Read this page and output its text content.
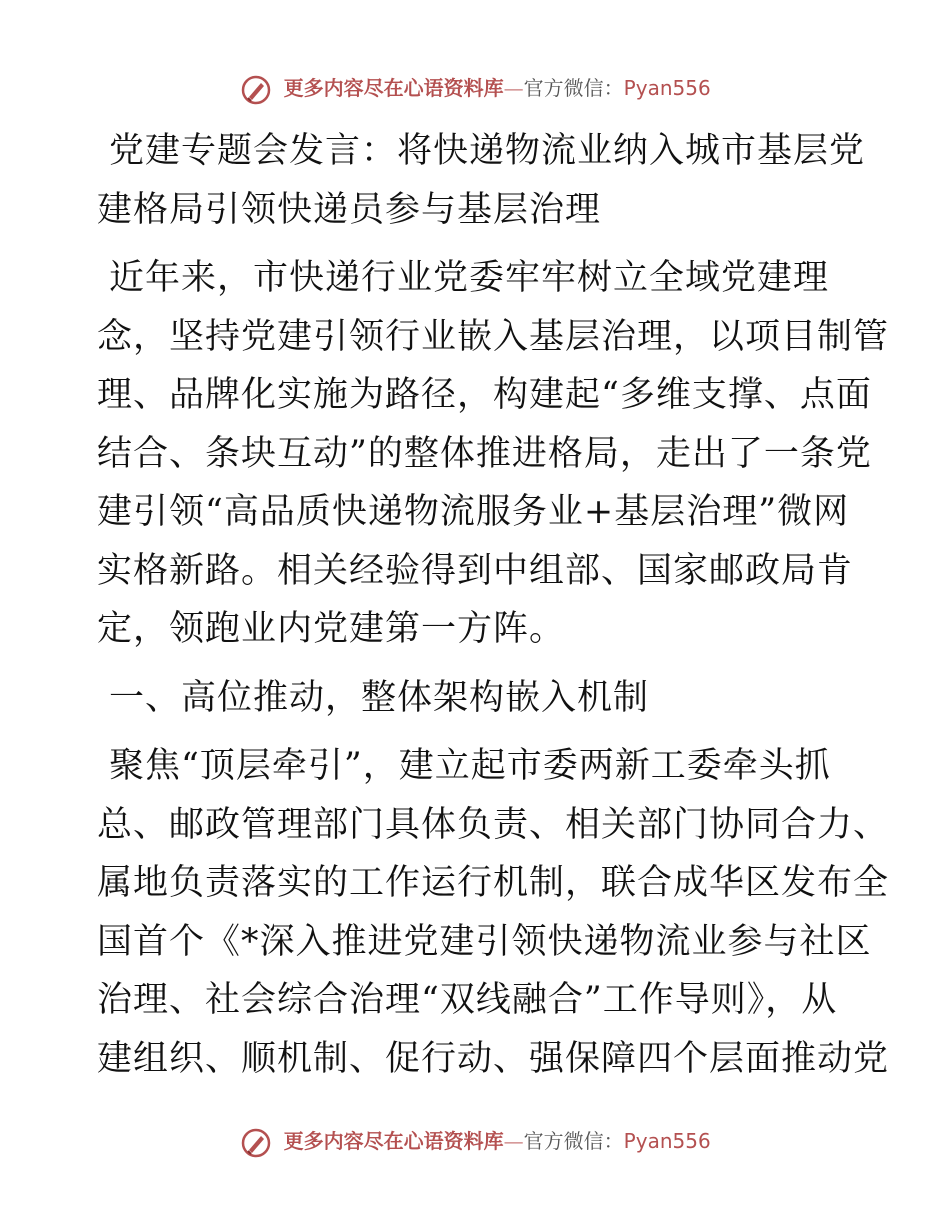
更多内容尽在心语资料库—官方微信：Pyan556
党建专题会发言：将快递物流业纳入城市基层党
建格局引领快递员参与基层治理
近年来，市快递行业党委牢牢树立全域党建理
念，坚持党建引领行业嵌入基层治理，以项目制管
理、品牌化实施为路径，构建起“多维支撑、点面
结合、条块互动”的整体推进格局，走出了一条党
建引领“高品质快递物流服务业+基层治理”微网
实格新路。相关经验得到中组部、国家邮政局肯
定，领跑业内党建第一方阵。
一、高位推动，整体架构嵌入机制
聚焦“顶层牵引”，建立起市委两新工委牵头抓
总、邮政管理部门具体负责、相关部门协同合力、
属地负责落实的工作运行机制，联合成华区发布全
国首个《*深入推进党建引领快递物流业参与社区
治理、社会综合治理“双线融合”工作导则》，从
建组织、顺机制、促行动、强保障四个层面推动党
更多内容尽在心语资料库—官方微信：Pyan556
